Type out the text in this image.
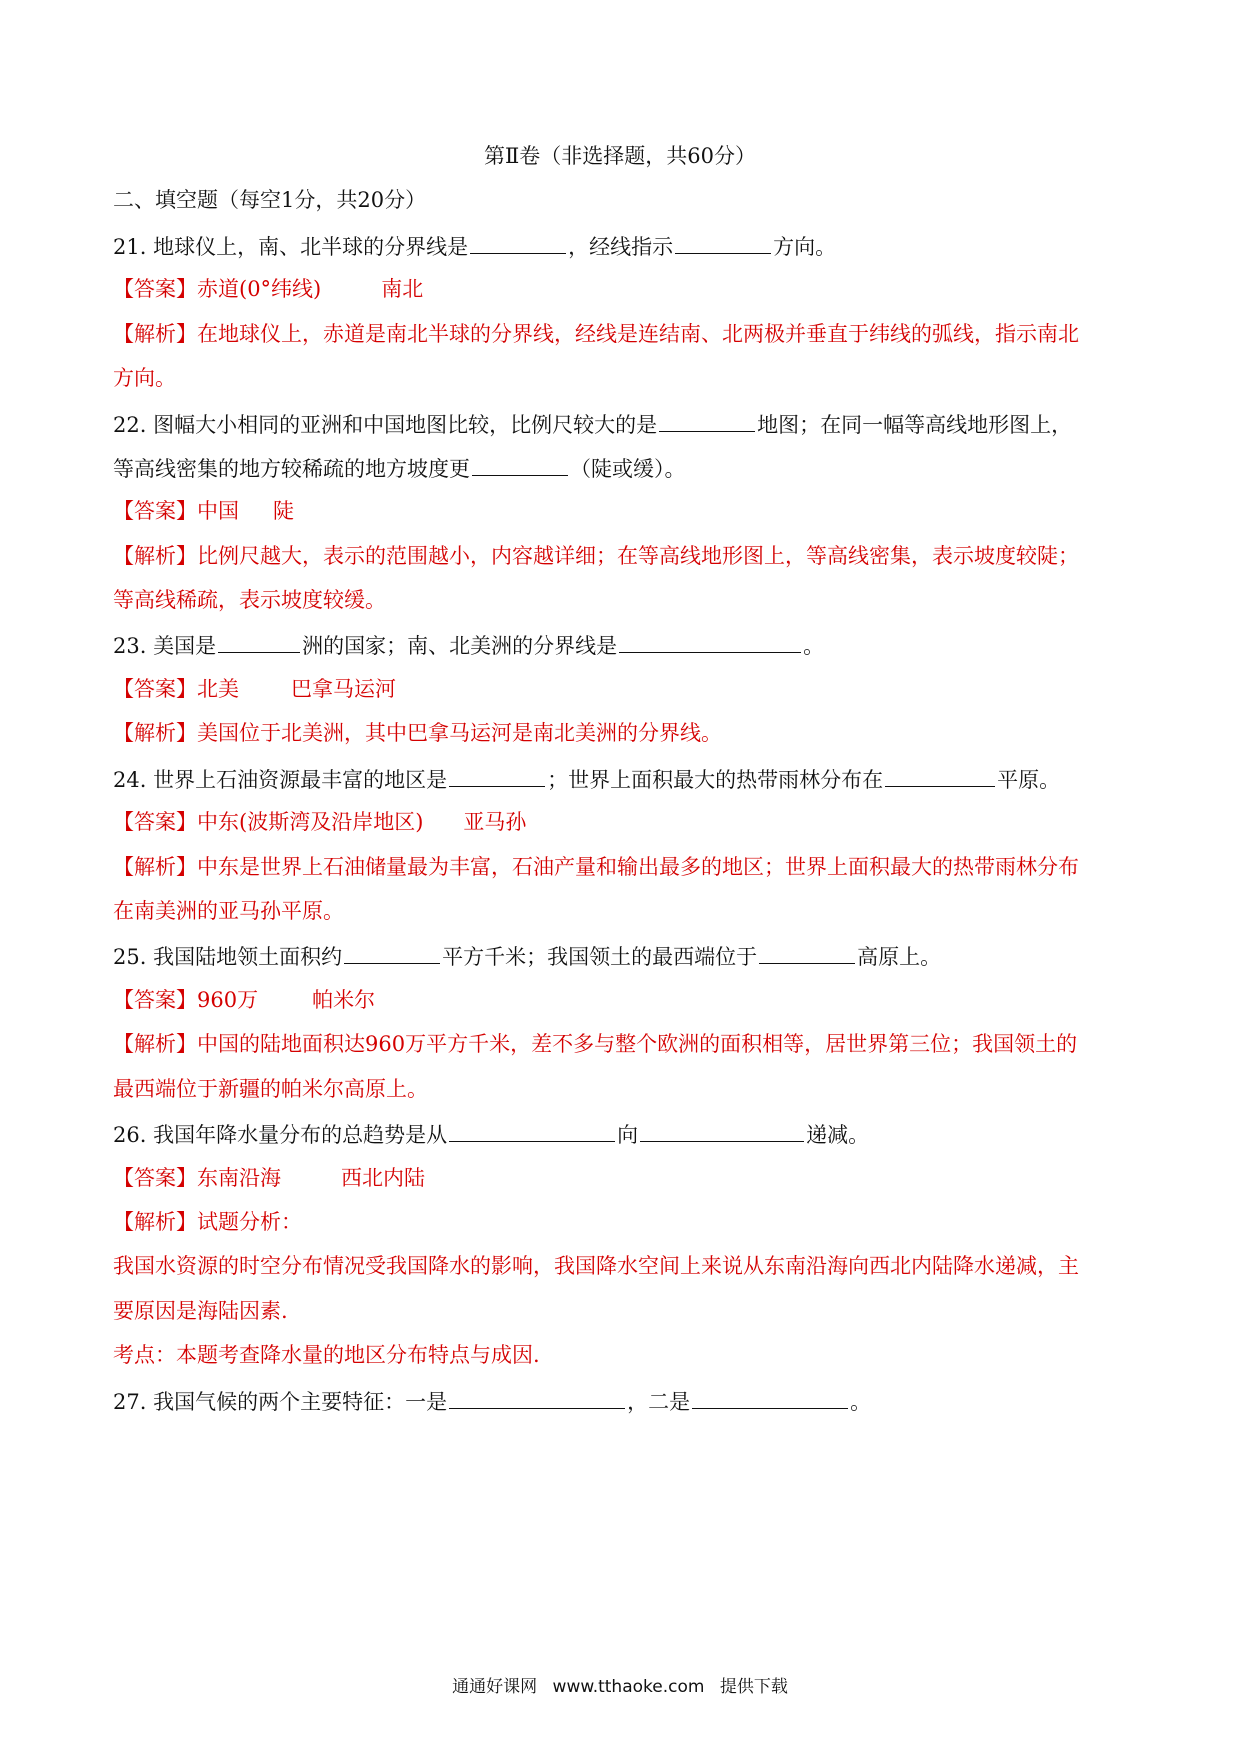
第Ⅱ卷（非选择题，共60分）
二、填空题（每空1分，共20分）
21. 地球仪上，南、北半球的分界线是	，经线指示	方向。
【答案】赤道(0°纬线)	南北
【解析】在地球仪上，赤道是南北半球的分界线，经线是连结南、北两极并垂直于纬线的弧线，指示南北
方向。
22. 图幅大小相同的亚洲和中国地图比较，比例尺较大的是	地图；在同一幅等高线地形图上，
等高线密集的地方较稀疏的地方坡度更	（陡或缓）。
【答案】中国 陡
【解析】比例尺越大，表示的范围越小，内容越详细；在等高线地形图上，等高线密集，表示坡度较陡；
等高线稀疏，表示坡度较缓。
23. 美国是	洲的国家；南、北美洲的分界线是	。
【答案】北美 巴拿马运河
【解析】美国位于北美洲，其中巴拿马运河是南北美洲的分界线。
24. 世界上石油资源最丰富的地区是	；世界上面积最大的热带雨林分布在	平原。
【答案】中东(波斯湾及沿岸地区) 亚马孙
【解析】中东是世界上石油储量最为丰富，石油产量和输出最多的地区；世界上面积最大的热带雨林分布
在南美洲的亚马孙平原。
25. 我国陆地领土面积约	平方千米；我国领土的最西端位于	高原上。
【答案】960万	帕米尔
【解析】中国的陆地面积达960万平方千米，差不多与整个欧洲的面积相等，居世界第三位；我国领土的
最西端位于新疆的帕米尔高原上。
26. 我国年降水量分布的总趋势是从	向	递减。
【答案】东南沿海	西北内陆
【解析】试题分析：
我国水资源的时空分布情况受我国降水的影响，我国降水空间上来说从东南沿海向西北内陆降水递减，主
要原因是海陆因素.
考点：本题考查降水量的地区分布特点与成因.
27. 我国气候的两个主要特征：一是	，二是	。
通通好课网 www.tthaoke.com 提供下载
